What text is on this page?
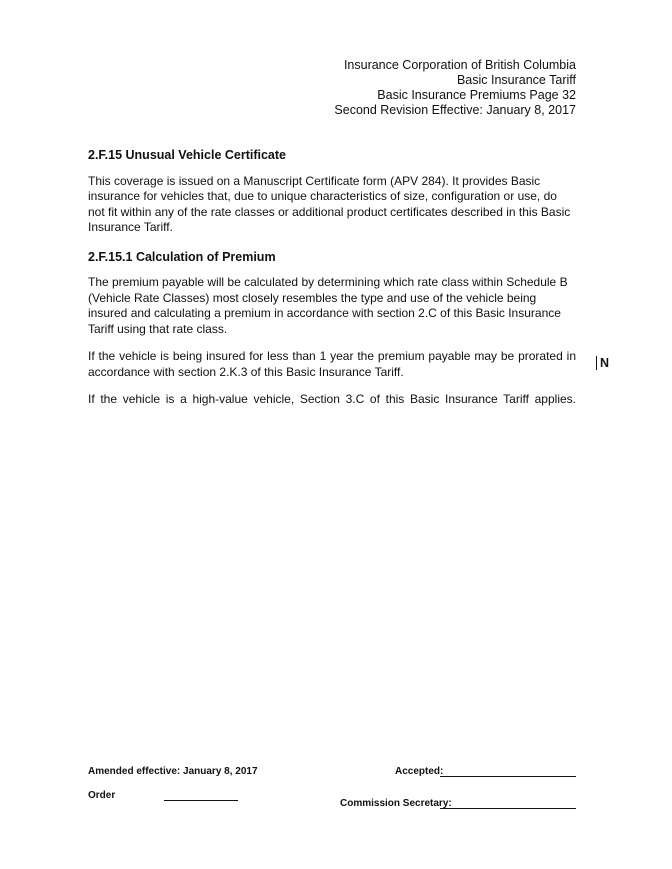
Insurance Corporation of British Columbia
Basic Insurance Tariff
Basic Insurance Premiums Page 32
Second Revision Effective: January 8, 2017
2.F.15 Unusual Vehicle Certificate

This coverage is issued on a Manuscript Certificate form (APV 284). It provides Basic insurance for vehicles that, due to unique characteristics of size, configuration or use, do not fit within any of the rate classes or additional product certificates described in this Basic Insurance Tariff.

2.F.15.1 Calculation of Premium

The premium payable will be calculated by determining which rate class within Schedule B (Vehicle Rate Classes) most closely resembles the type and use of the vehicle being insured and calculating a premium in accordance with section 2.C of this Basic Insurance Tariff using that rate class.

If the vehicle is being insured for less than 1 year the premium payable may be prorated in accordance with section 2.K.3 of this Basic Insurance Tariff.

If the vehicle is a high-value vehicle, Section 3.C of this Basic Insurance Tariff applies.

N
Amended effective: January 8, 2017
Order
Accepted:
Commission Secretary:
